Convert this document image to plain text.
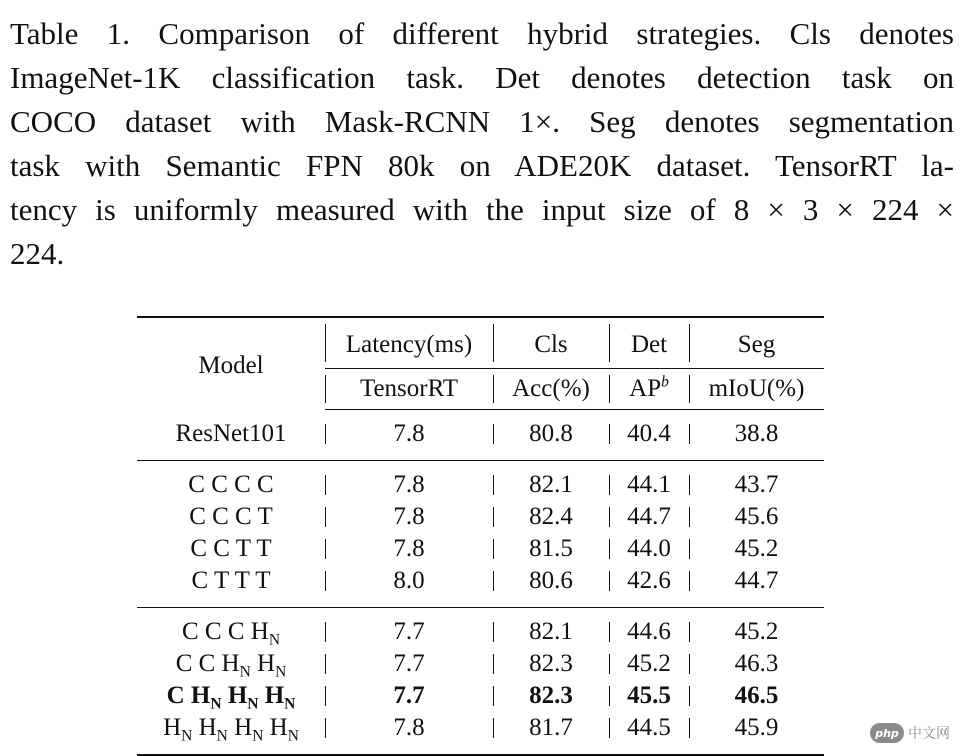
Table 1. Comparison of different hybrid strategies. Cls denotes
ImageNet-1K classification task. Det denotes detection task on
COCO dataset with Mask-RCNN 1×. Seg denotes segmentation
task with Semantic FPN 80k on ADE20K dataset. TensorRT la-
tency is uniformly measured with the input size of 8 × 3 × 224 ×
224.
Model	Latency(ms)	Cls	Det	Seg
	TensorRT	Acc(%)	$AP^b$	mIoU(%)

ResNet101	7.8	80.8	40.4	38.8

C C C C	7.8	82.1	44.1	43.7
C C C T	7.8	82.4	44.7	45.6
C C T T	7.8	81.5	44.0	45.2
C T T T	8.0	80.6	42.6	44.7

C C C $H_N$	7.7	82.1	44.6	45.2
C C $H_N$ $H_N$	7.7	82.3	45.2	46.3
C $H_N$ $H_N$ $H_N$	7.7	82.3	45.5	46.5
$H_N$ $H_N$ $H_N$ $H_N$	7.8	81.7	44.5	45.9
					php 中文网
